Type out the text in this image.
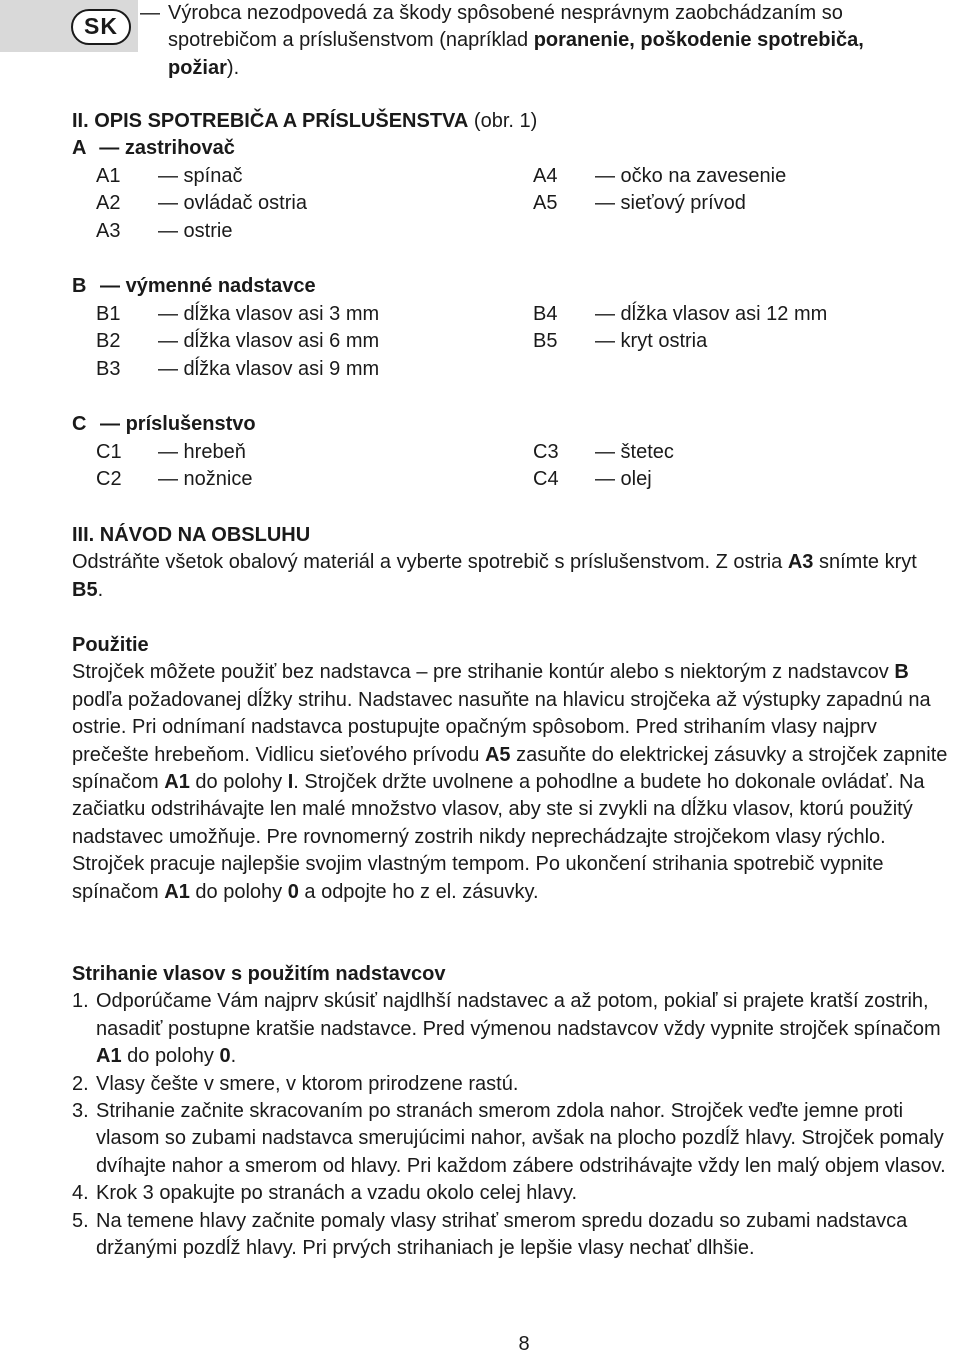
SK	— Výrobca nezodpovedá za škody spôsobené nesprávnym zaobchádzaním so

spotrebičom a príslušenstvom (napríklad poranenie, poškodenie spotrebiča,

požiar).

II. OPIS SPOTREBIČA A PRÍSLUŠENSTVA (obr. 1)
A — zastrihovač
A1	— spínač
A2	— ovládač ostria
A3	— ostrie
A4	— očko na zavesenie
A5	— sieťový prívod
B — výmenné nadstavce
B1	— dĺžka vlasov asi 3 mm
B2	— dĺžka vlasov asi 6 mm
B3	— dĺžka vlasov asi 9 mm
B4	— dĺžka vlasov asi 12 mm
B5	— kryt ostria
C — príslušenstvo
C1	— hrebeň
C2	— nožnice
C3	— štetec
C4	— olej

III. NÁVOD NA OBSLUHU

Odstráňte všetok obalový materiál a vyberte spotrebič s príslušenstvom. Z ostria A3 snímte kryt B5.

Použitie

Strojček môžete použiť bez nadstavca – pre strihanie kontúr alebo s niektorým z nadstavcov B podľa požadovanej dĺžky strihu. Nadstavec nasuňte na hlavicu strojčeka až výstupky zapadnú na ostrie. Pri odnímaní nadstavca postupujte opačným spôsobom. Pred strihaním vlasy najprv prečešte hrebeňom. Vidlicu sieťového prívodu A5 zasuňte do elektrickej zásuvky a strojček zapnite spínačom A1 do polohy I. Strojček držte uvolnene a pohodlne a budete ho dokonale ovládať. Na začiatku odstrihávajte len malé množstvo vlasov, aby ste si zvykli na dĺžku vlasov, ktorú použitý nadstavec umožňuje. Pre rovnomerný zostrih nikdy neprechádzajte strojčekom vlasy rýchlo. Strojček pracuje najlepšie svojim vlastným tempom. Po ukončení strihania spotrebič vypnite spínačom A1 do polohy 0 a odpojte ho z el. zásuvky.

Strihanie vlasov s použitím nadstavcov

1. Odporúčame Vám najprv skúsiť najdlhší nadstavec a až potom, pokiaľ si prajete kratší zostrih, nasadiť postupne kratšie nadstavce. Pred výmenou nadstavcov vždy vypnite strojček spínačom A1 do polohy 0.
2. Vlasy češte v smere, v ktorom prirodzene rastú.
3. Strihanie začnite skracovaním po stranách smerom zdola nahor. Strojček veďte jemne proti vlasom so zubami nadstavca smerujúcimi nahor, avšak na plocho pozdĺž hlavy. Strojček pomaly dvíhajte nahor a smerom od hlavy. Pri každom zábere odstrihávajte vždy len malý objem vlasov.
4. Krok 3 opakujte po stranách a vzadu okolo celej hlavy.
5. Na temene hlavy začnite pomaly vlasy strihať smerom spredu dozadu so zubami nadstavca držanými pozdĺž hlavy. Pri prvých strihaniach je lepšie vlasy nechať dlhšie.
8
